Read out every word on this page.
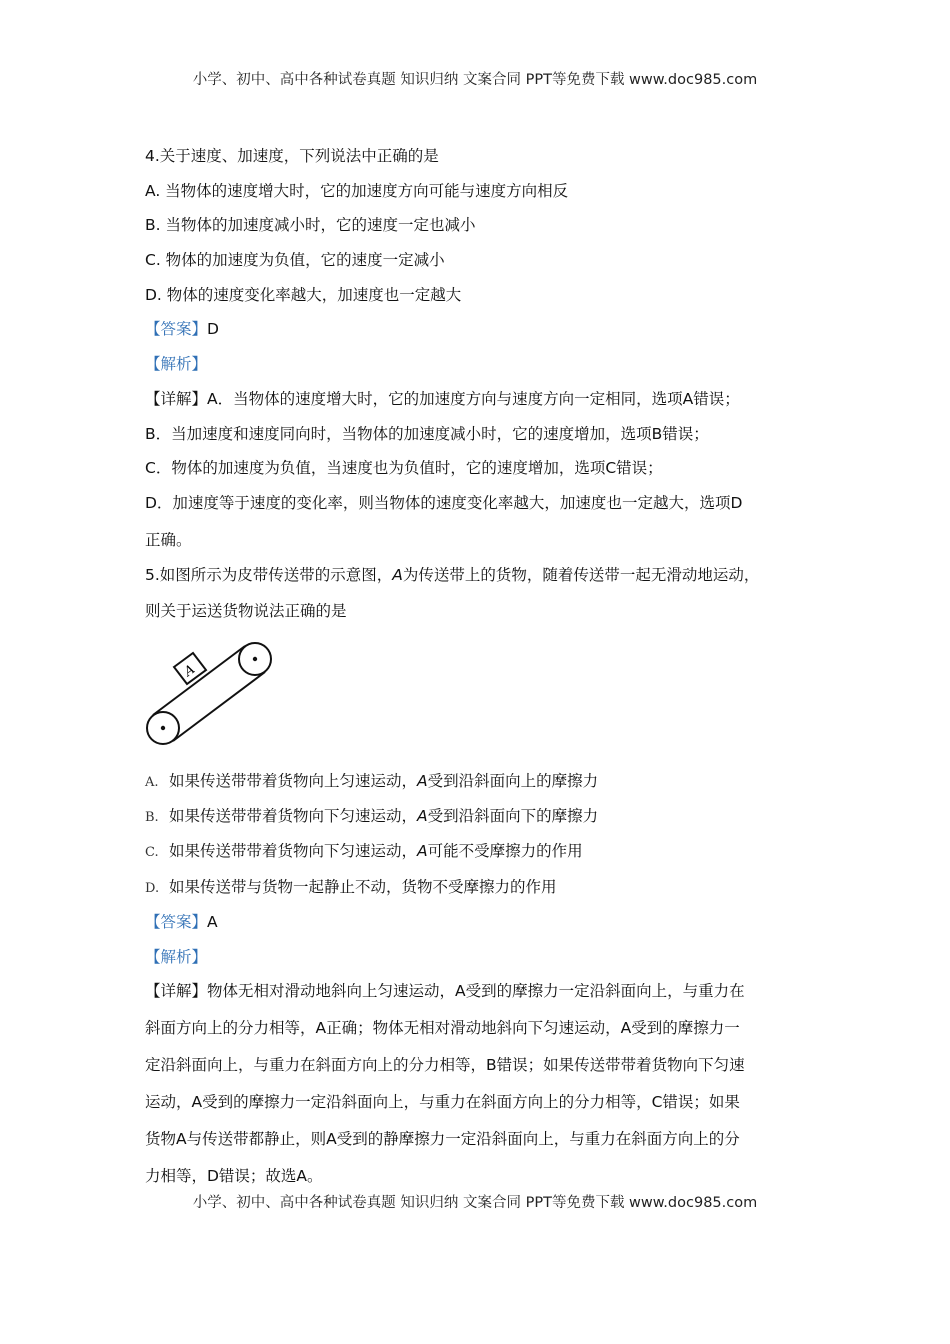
小学、初中、高中各种试卷真题 知识归纳 文案合同 PPT等免费下载 www.doc985.com
4.关于速度、加速度，下列说法中正确的是
A. 当物体的速度增大时，它的加速度方向可能与速度方向相反
B. 当物体的加速度减小时，它的速度一定也减小
C. 物体的加速度为负值，它的速度一定减小
D. 物体的速度变化率越大，加速度也一定越大
【答案】D
【解析】
【详解】A．当物体的速度增大时，它的加速度方向与速度方向一定相同，选项A错误；
B．当加速度和速度同向时，当物体的加速度减小时，它的速度增加，选项B错误；
C．物体的加速度为负值，当速度也为负值时，它的速度增加，选项C错误；
D．加速度等于速度的变化率，则当物体的速度变化率越大，加速度也一定越大，选项D
正确。
5.如图所示为皮带传送带的示意图，A为传送带上的货物，随着传送带一起无滑动地运动，
则关于运送货物说法正确的是
A
A. 如果传送带带着货物向上匀速运动，A受到沿斜面向上的摩擦力
B. 如果传送带带着货物向下匀速运动，A受到沿斜面向下的摩擦力
C. 如果传送带带着货物向下匀速运动，A可能不受摩擦力的作用
D. 如果传送带与货物一起静止不动，货物不受摩擦力的作用
【答案】A
【解析】
【详解】物体无相对滑动地斜向上匀速运动，A受到的摩擦力一定沿斜面向上，与重力在
斜面方向上的分力相等，A正确；物体无相对滑动地斜向下匀速运动，A受到的摩擦力一
定沿斜面向上，与重力在斜面方向上的分力相等，B错误；如果传送带带着货物向下匀速
运动，A受到的摩擦力一定沿斜面向上，与重力在斜面方向上的分力相等，C错误；如果
货物A与传送带都静止，则A受到的静摩擦力一定沿斜面向上，与重力在斜面方向上的分
力相等，D错误；故选A。
小学、初中、高中各种试卷真题 知识归纳 文案合同 PPT等免费下载 www.doc985.com
